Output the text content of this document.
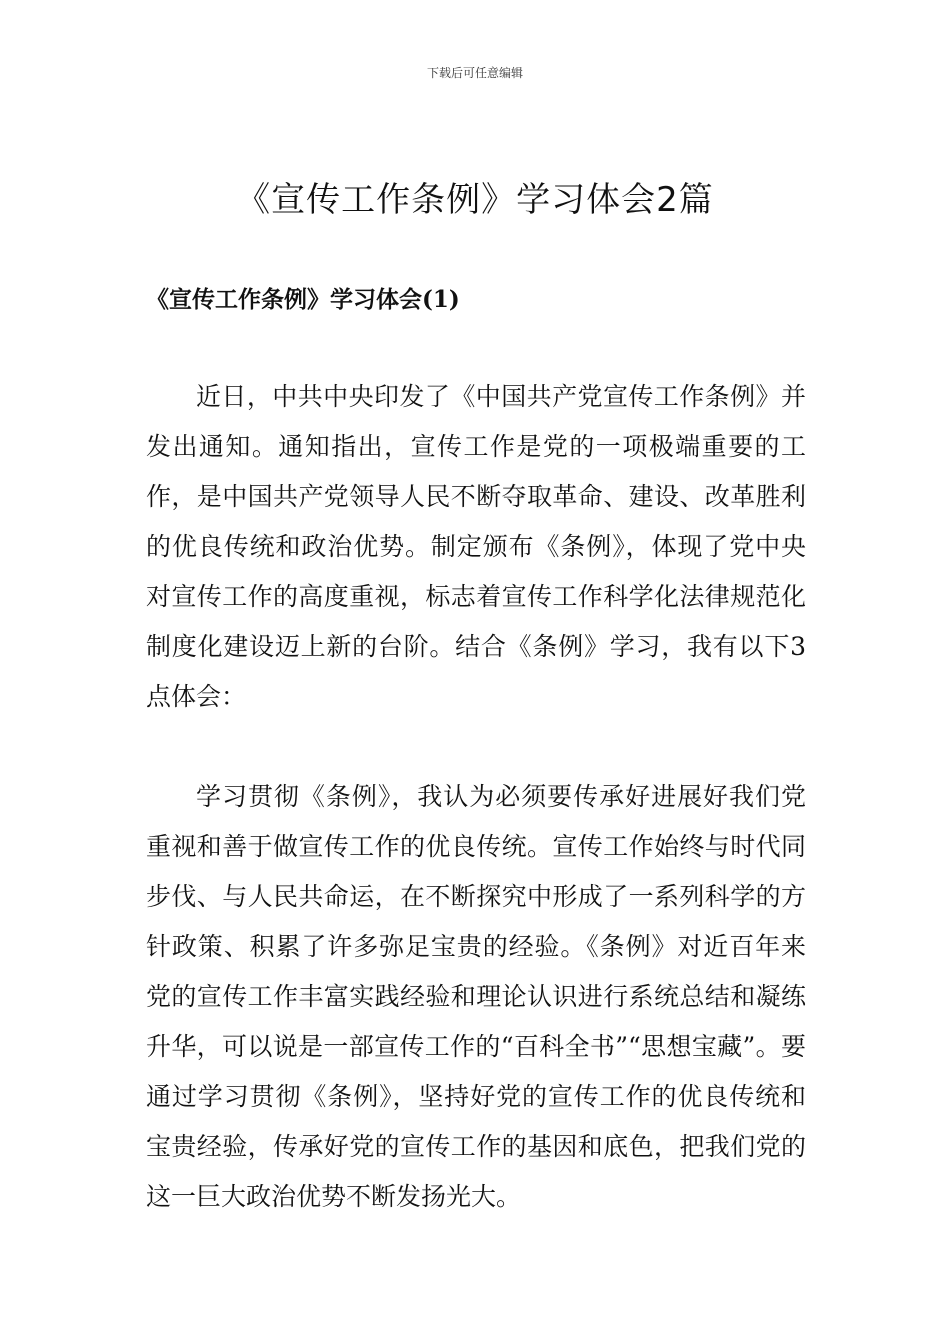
下载后可任意编辑
《宣传工作条例》学习体会2篇
《宣传工作条例》学习体会(1)

近日，中共中央印发了《中国共产党宣传工作条例》并发出通知。通知指出，宣传工作是党的一项极端重要的工作，是中国共产党领导人民不断夺取革命、建设、改革胜利的优良传统和政治优势。制定颁布《条例》，体现了党中央对宣传工作的高度重视，标志着宣传工作科学化法律规范化制度化建设迈上新的台阶。结合《条例》学习，我有以下3点体会：

学习贯彻《条例》，我认为必须要传承好进展好我们党重视和善于做宣传工作的优良传统。宣传工作始终与时代同步伐、与人民共命运，在不断探究中形成了一系列科学的方针政策、积累了许多弥足宝贵的经验。《条例》对近百年来党的宣传工作丰富实践经验和理论认识进行系统总结和凝练升华，可以说是一部宣传工作的“百科全书”“思想宝藏”。要通过学习贯彻《条例》，坚持好党的宣传工作的优良传统和宝贵经验，传承好党的宣传工作的基因和底色，把我们党的这一巨大政治优势不断发扬光大。
